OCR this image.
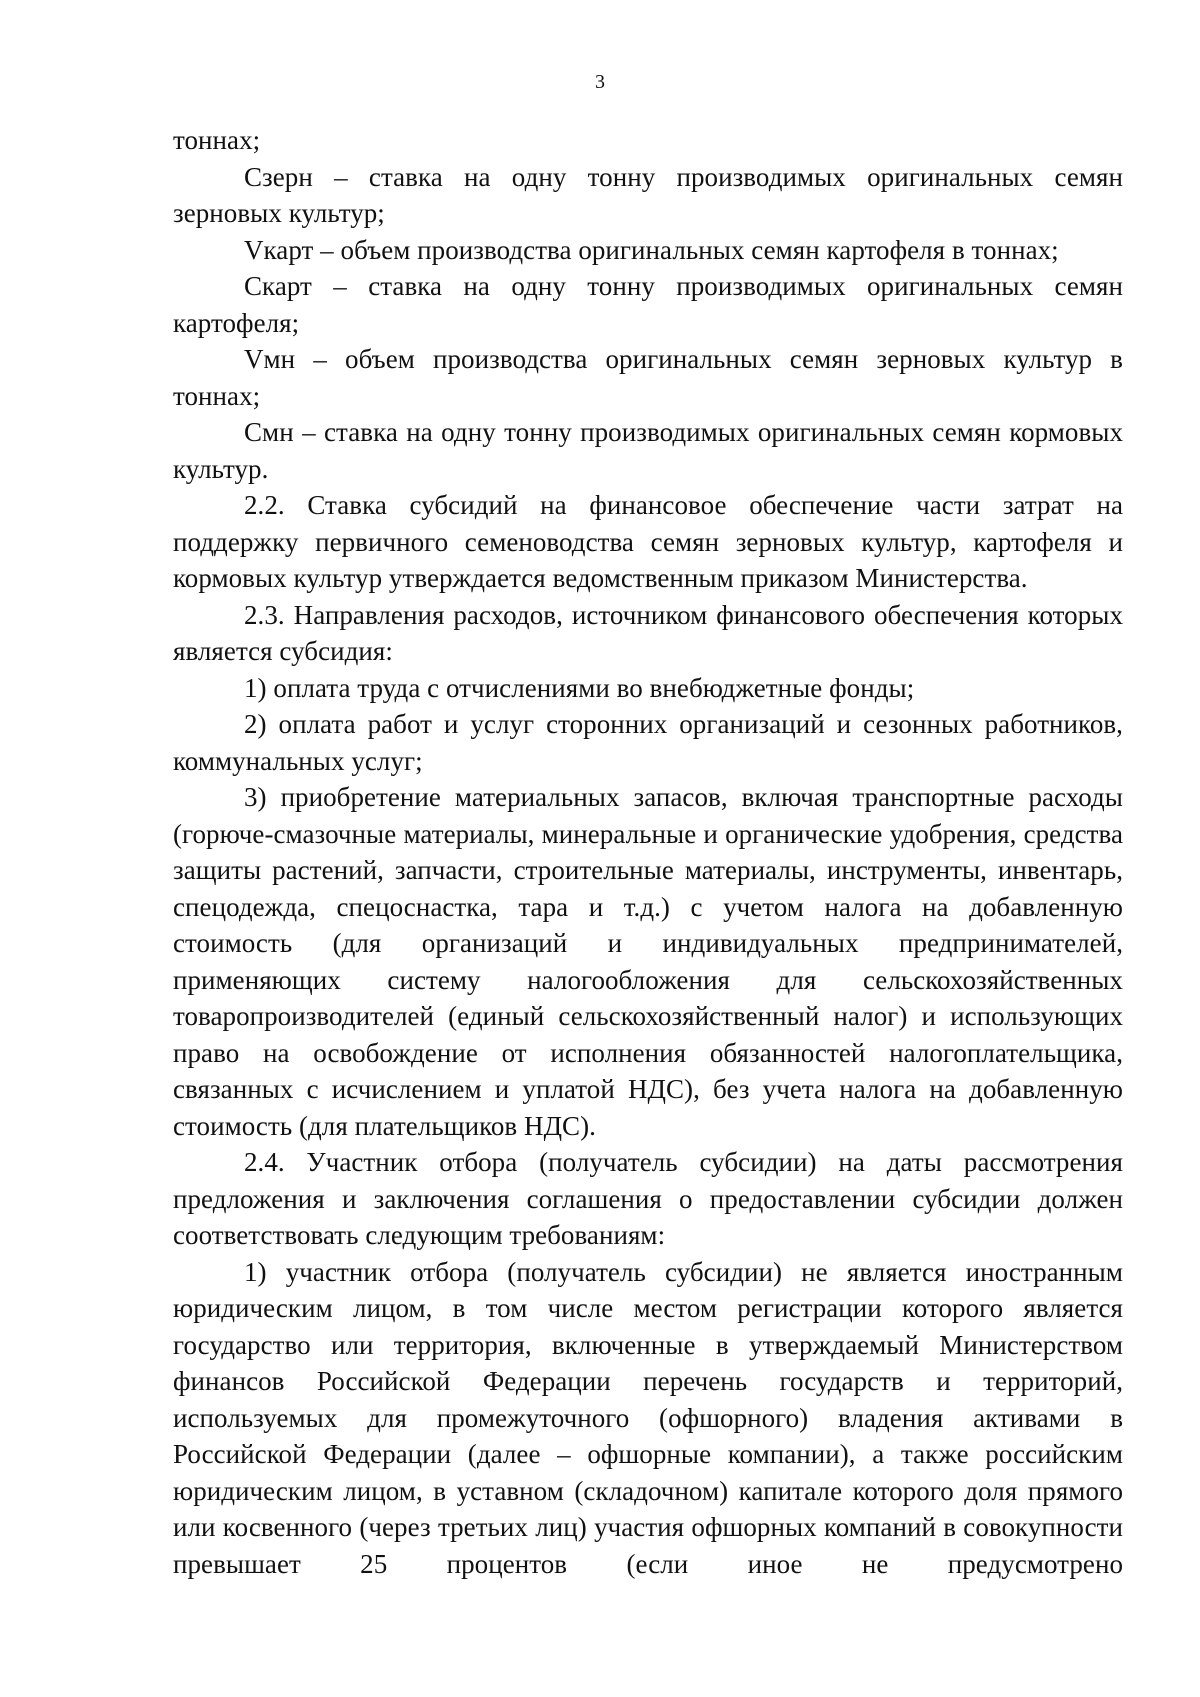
3

тоннах;

Сзерн – ставка на одну тонну производимых оригинальных семян зерновых культур;

Vкарт – объем производства оригинальных семян картофеля в тоннах;

Скарт – ставка на одну тонну производимых оригинальных семян картофеля;

Vмн – объем производства оригинальных семян зерновых культур в тоннах;

Смн – ставка на одну тонну производимых оригинальных семян кормовых культур.

2.2. Ставка субсидий на финансовое обеспечение части затрат на поддержку первичного семеноводства семян зерновых культур, картофеля и кормовых культур утверждается ведомственным приказом Министерства.

2.3. Направления расходов, источником финансового обеспечения которых является субсидия:

1) оплата труда с отчислениями во внебюджетные фонды;

2) оплата работ и услуг сторонних организаций и сезонных работников, коммунальных услуг;

3) приобретение материальных запасов, включая транспортные расходы (горюче-смазочные материалы, минеральные и органические удобрения, средства защиты растений, запчасти, строительные материалы, инструменты, инвентарь, спецодежда, спецоснастка, тара и т.д.) с учетом налога на добавленную стоимость (для организаций и индивидуальных предпринимателей, применяющих систему налогообложения для сельскохозяйственных товаропроизводителей (единый сельскохозяйственный налог) и использующих право на освобождение от исполнения обязанностей налогоплательщика, связанных с исчислением и уплатой НДС), без учета налога на добавленную стоимость (для плательщиков НДС).

2.4. Участник отбора (получатель субсидии) на даты рассмотрения предложения и заключения соглашения о предоставлении субсидии должен соответствовать следующим требованиям:

1) участник отбора (получатель субсидии) не является иностранным юридическим лицом, в том числе местом регистрации которого является государство или территория, включенные в утверждаемый Министерством финансов Российской Федерации перечень государств и территорий, используемых для промежуточного (офшорного) владения активами в Российской Федерации (далее – офшорные компании), а также российским юридическим лицом, в уставном (складочном) капитале которого доля прямого или косвенного (через третьих лиц) участия офшорных компаний в совокупности превышает 25 процентов (если иное не предусмотрено
